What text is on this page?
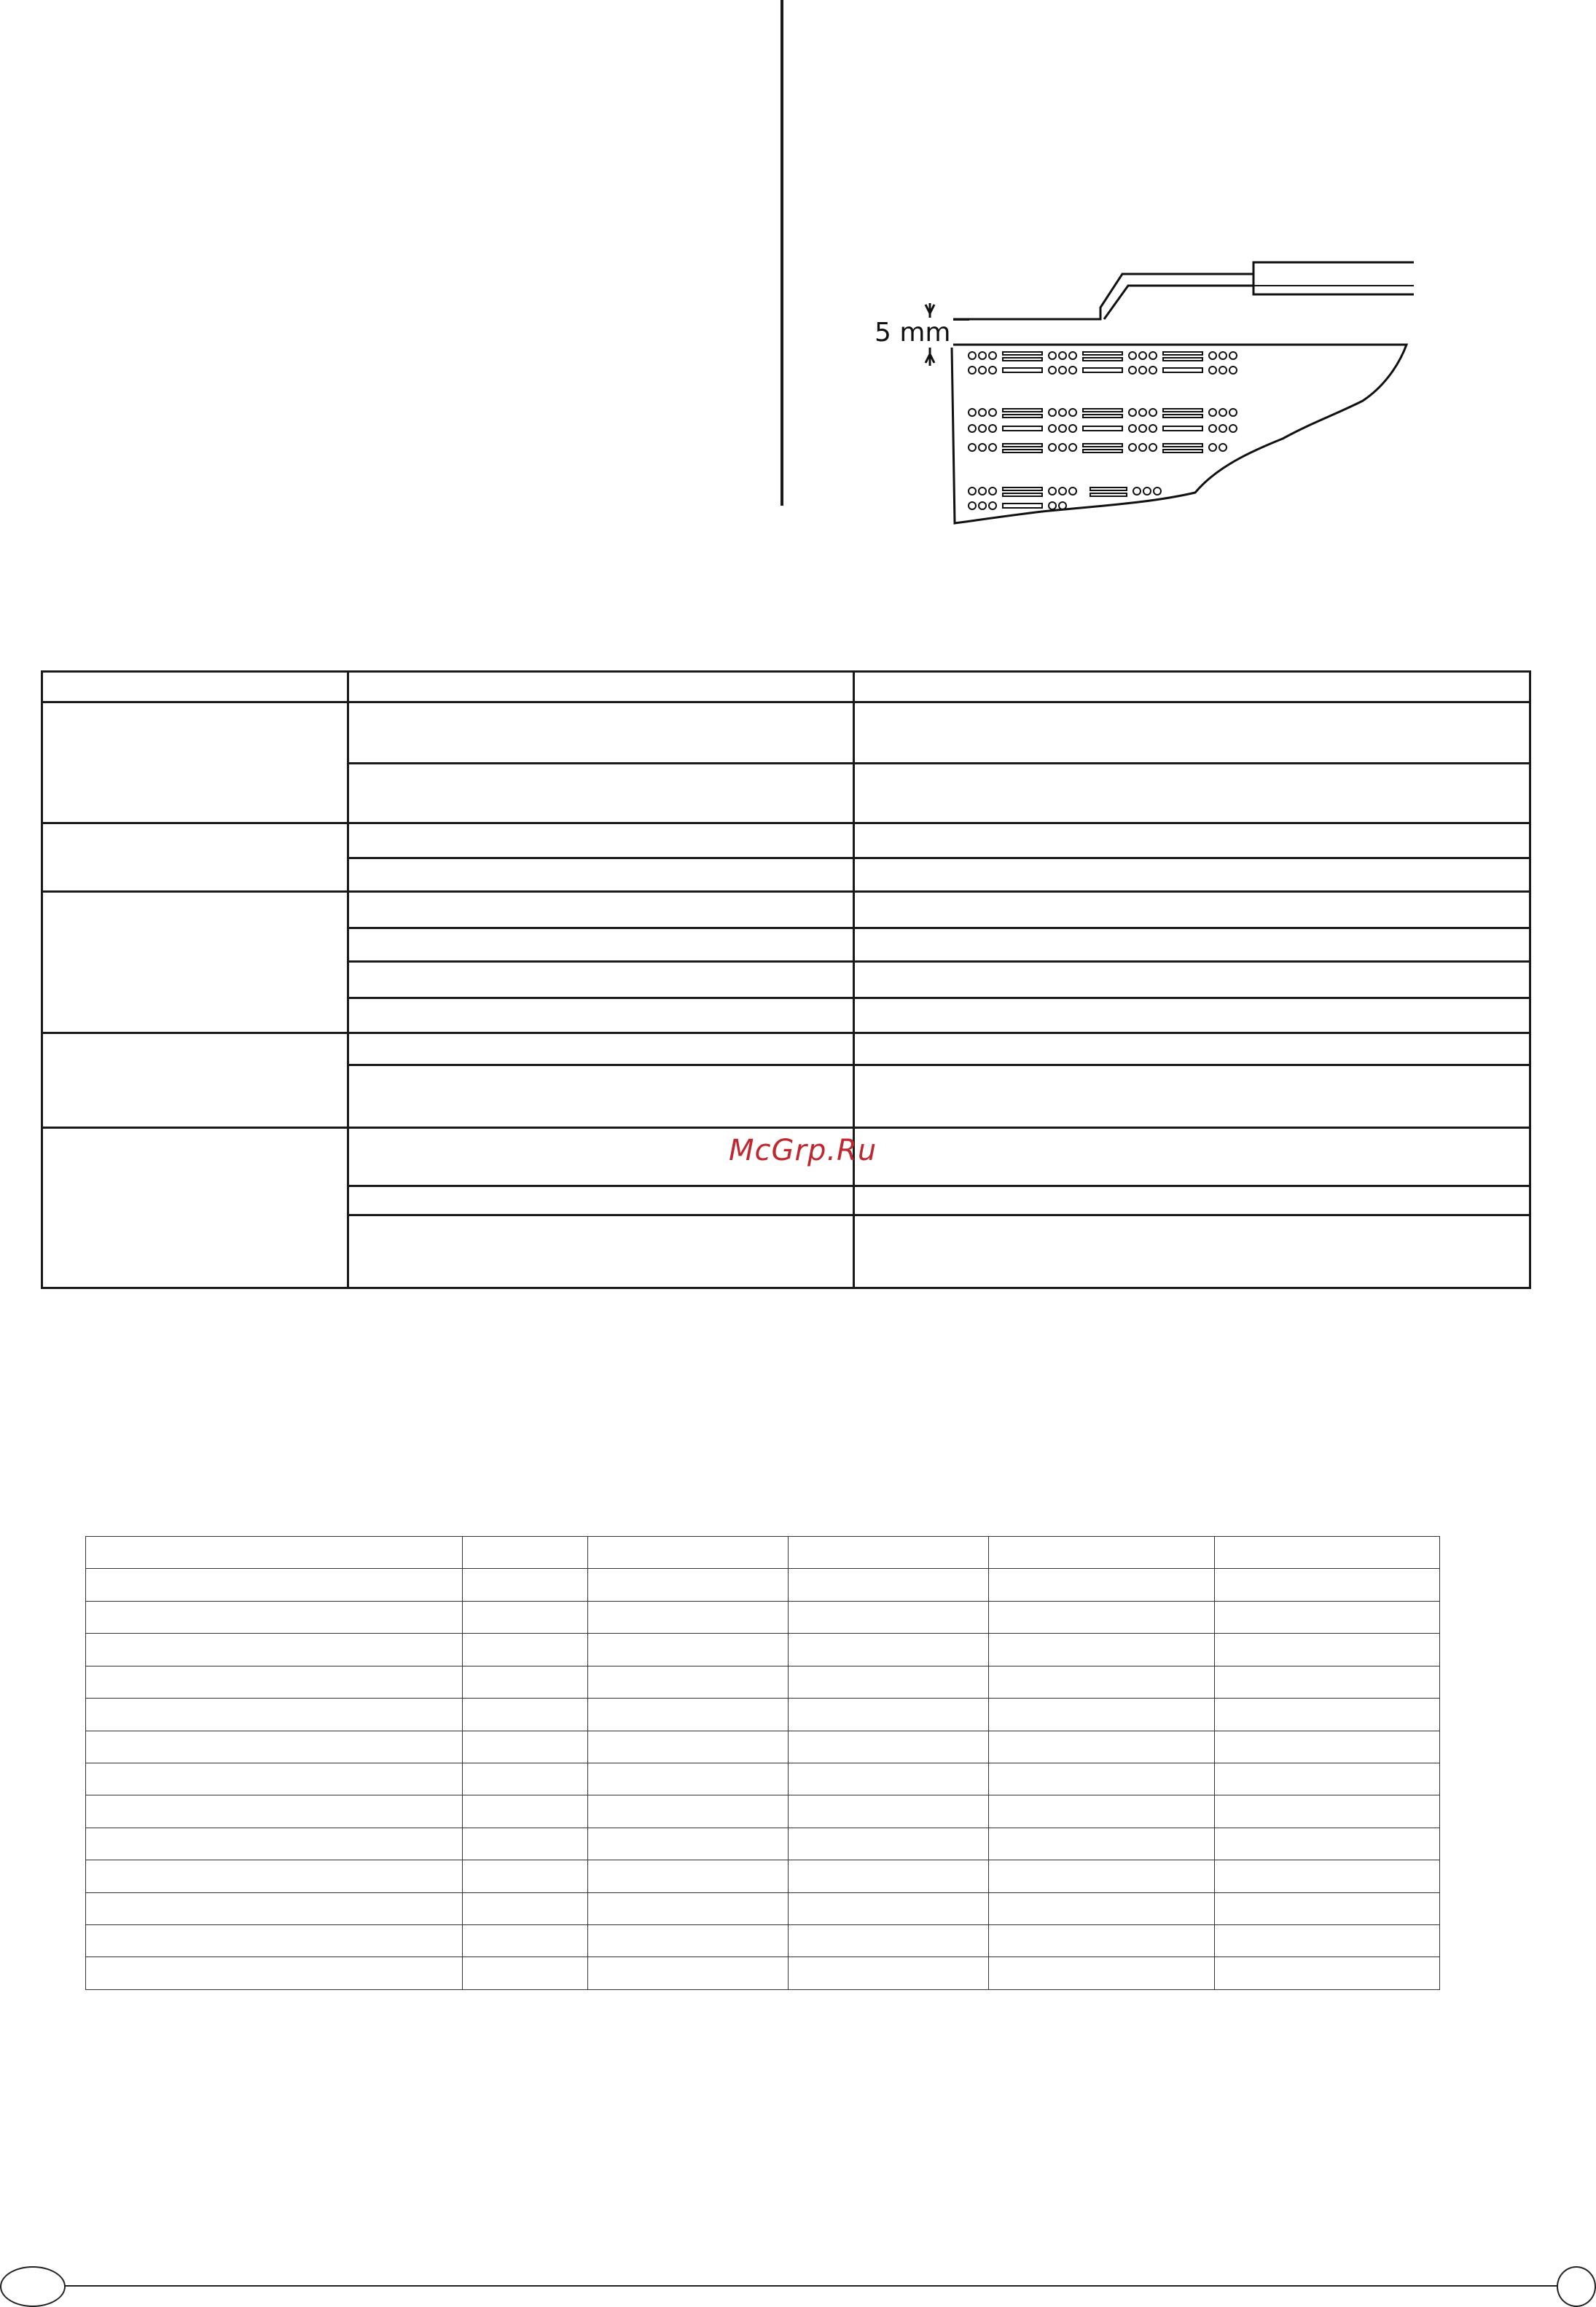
5 mm

McGrp.Ru
